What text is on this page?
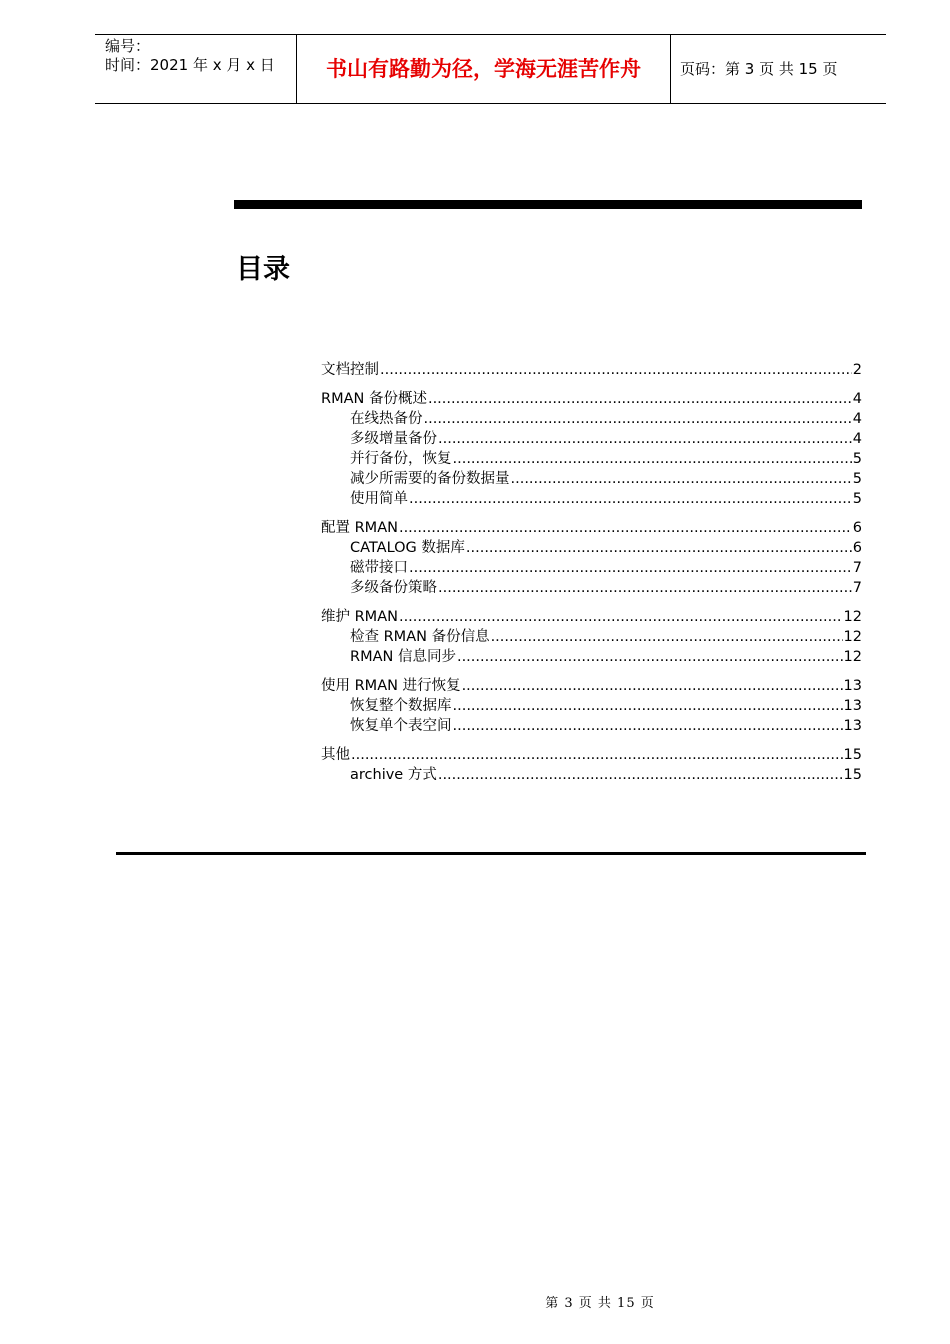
编号：
时间：2021 年 x 月 x 日	书山有路勤为径，学海无涯苦作舟	页码：第 3 页 共 15 页
目录
文档控制 .....	2
RMAN 备份概述 .....	4
在线热备份 .....	4
多级增量备份 .....	4
并行备份，恢复 .....	5
减少所需要的备份数据量 .....	5
使用简单 .....	5
配置 RMAN .....	6
CATALOG 数据库 .....	6
磁带接口 .....	7
多级备份策略 .....	7
维护 RMAN .....	12
检查 RMAN 备份信息 .....	12
RMAN 信息同步 .....	12
使用 RMAN 进行恢复 .....	13
恢复整个数据库 .....	13
恢复单个表空间 .....	13
其他 .....	15
archive 方式 .....	15
第 3 页 共 15 页
